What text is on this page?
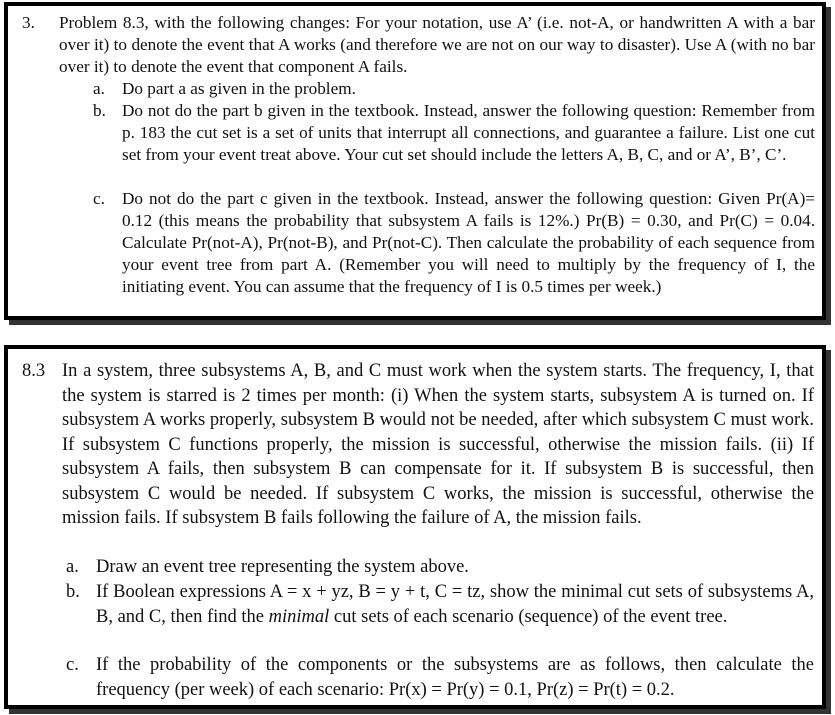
3. Problem 8.3, with the following changes: For your notation, use A’ (i.e. not-A, or handwritten A with a bar over it) to denote the event that A works (and therefore we are not on our way to disaster). Use A (with no bar over it) to denote the event that component A fails.
a. Do part a as given in the problem.
b. Do not do the part b given in the textbook. Instead, answer the following question: Remember from p. 183 the cut set is a set of units that interrupt all connections, and guarantee a failure. List one cut set from your event treat above. Your cut set should include the letters A, B, C, and or A’, B’, C’.
c. Do not do the part c given in the textbook. Instead, answer the following question: Given Pr(A)= 0.12 (this means the probability that subsystem A fails is 12%.) Pr(B) = 0.30, and Pr(C) = 0.04. Calculate Pr(not-A), Pr(not-B), and Pr(not-C). Then calculate the probability of each sequence from your event tree from part A. (Remember you will need to multiply by the frequency of I, the initiating event. You can assume that the frequency of I is 0.5 times per week.)
8.3 In a system, three subsystems A, B, and C must work when the system starts. The frequency, I, that the system is starred is 2 times per month: (i) When the system starts, subsystem A is turned on. If subsystem A works properly, subsystem B would not be needed, after which subsystem C must work. If subsystem C functions properly, the mission is successful, otherwise the mission fails. (ii) If subsystem A fails, then subsystem B can compensate for it. If subsystem B is successful, then subsystem C would be needed. If subsystem C works, the mission is successful, otherwise the mission fails. If subsystem B fails following the failure of A, the mission fails.
a. Draw an event tree representing the system above.
b. If Boolean expressions A = x + yz, B = y + t, C = tz, show the minimal cut sets of subsystems A, B, and C, then find the minimal cut sets of each scenario (sequence) of the event tree.
c. If the probability of the components or the subsystems are as follows, then calculate the frequency (per week) of each scenario: Pr(x) = Pr(y) = 0.1, Pr(z) = Pr(t) = 0.2.
